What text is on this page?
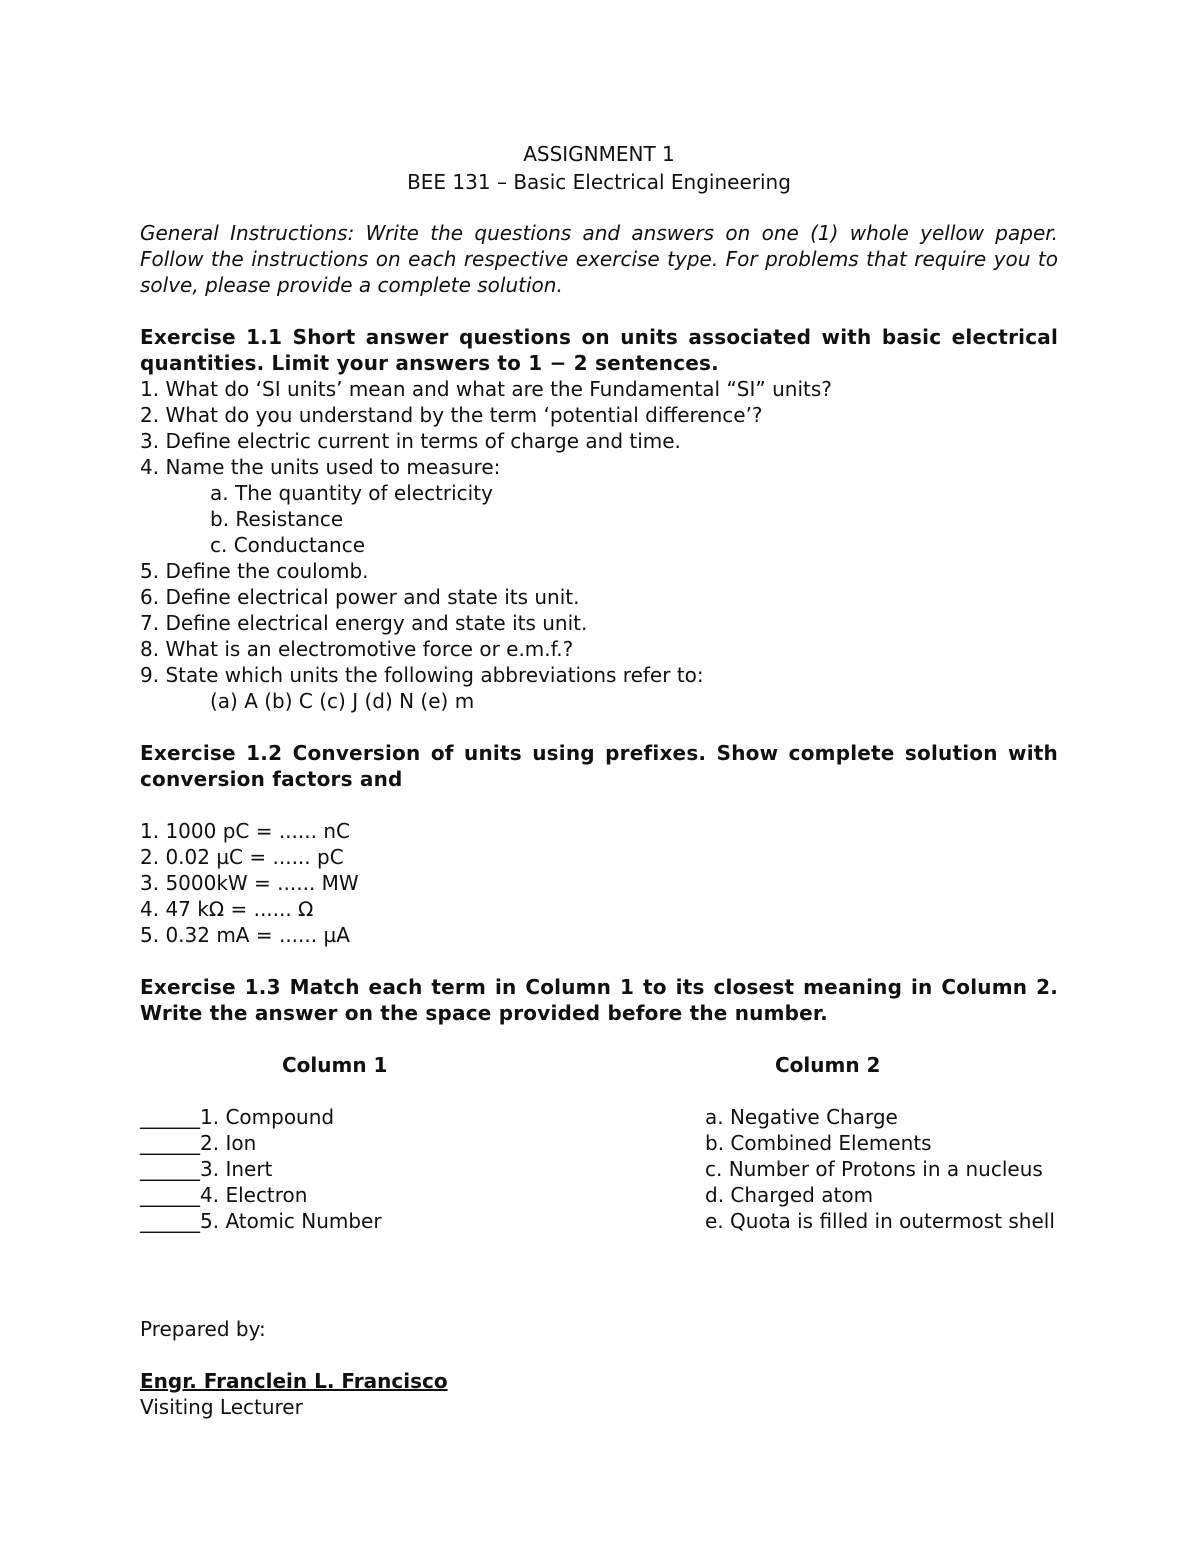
ASSIGNMENT 1

BEE 131 – Basic Electrical Engineering

General Instructions: Write the questions and answers on one (1) whole yellow paper. Follow the instructions on each respective exercise type. For problems that require you to solve, please provide a complete solution.

Exercise 1.1 Short answer questions on units associated with basic electrical quantities. Limit your answers to 1 − 2 sentences.

1. What do ‘SI units’ mean and what are the Fundamental “SI” units?
2. What do you understand by the term ‘potential difference’?
3. Define electric current in terms of charge and time.
4. Name the units used to measure:
a. The quantity of electricity
b. Resistance
c. Conductance
5. Define the coulomb.
6. Define electrical power and state its unit.
7. Define electrical energy and state its unit.
8. What is an electromotive force or e.m.f.?
9. State which units the following abbreviations refer to:
(a) A (b) C (c) J (d) N (e) m

Exercise 1.2 Conversion of units using prefixes. Show complete solution with conversion factors and

1. 1000 pC = ...... nC
2. 0.02 µC = ...... pC
3. 5000kW = ...... MW
4. 47 kΩ = ...... Ω
5. 0.32 mA = ...... µA

Exercise 1.3 Match each term in Column 1 to its closest meaning in Column 2. Write the answer on the space provided before the number.

Column 1
______1. Compound
______2. Ion
______3. Inert
______4. Electron
______5. Atomic Number
Column 2
a. Negative Charge
b. Combined Elements
c. Number of Protons in a nucleus
d. Charged atom
e. Quota is filled in outermost shell
Prepared by:
Engr. Franclein L. Francisco
Visiting Lecturer
